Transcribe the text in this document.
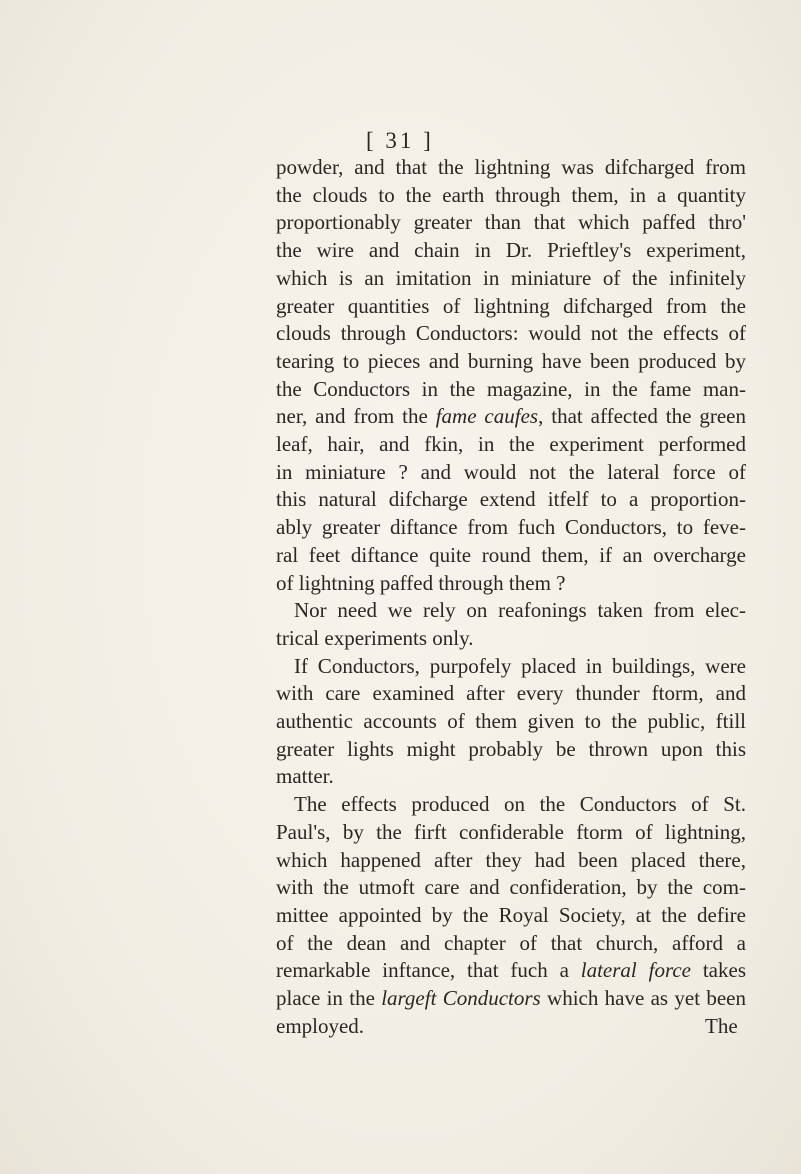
[ 31 ]
powder, and that the lightning was difcharged from
the clouds to the earth through them, in a quantity
proportionably greater than that which paffed thro'
the wire and chain in Dr. Prieftley's experiment,
which is an imitation in miniature of the infinitely
greater quantities of lightning difcharged from the
clouds through Conductors: would not the effects of
tearing to pieces and burning have been produced by
the Conductors in the magazine, in the fame man-
ner, and from the fame caufes, that affected the green
leaf, hair, and fkin, in the experiment performed
in miniature ? and would not the lateral force of
this natural difcharge extend itfelf to a proportion-
ably greater diftance from fuch Conductors, to feve-
ral feet diftance quite round them, if an overcharge
of lightning paffed through them ?
Nor need we rely on reafonings taken from elec-
trical experiments only.
If Conductors, purpofely placed in buildings, were
with care examined after every thunder ftorm, and
authentic accounts of them given to the public, ftill
greater lights might probably be thrown upon this
matter.
The effects produced on the Conductors of St.
Paul's, by the firft confiderable ftorm of lightning,
which happened after they had been placed there,
with the utmoft care and confideration, by the com-
mittee appointed by the Royal Society, at the defire
of the dean and chapter of that church, afford a
remarkable inftance, that fuch a lateral force takes
place in the largeft Conductors which have as yet been
employed.	The
